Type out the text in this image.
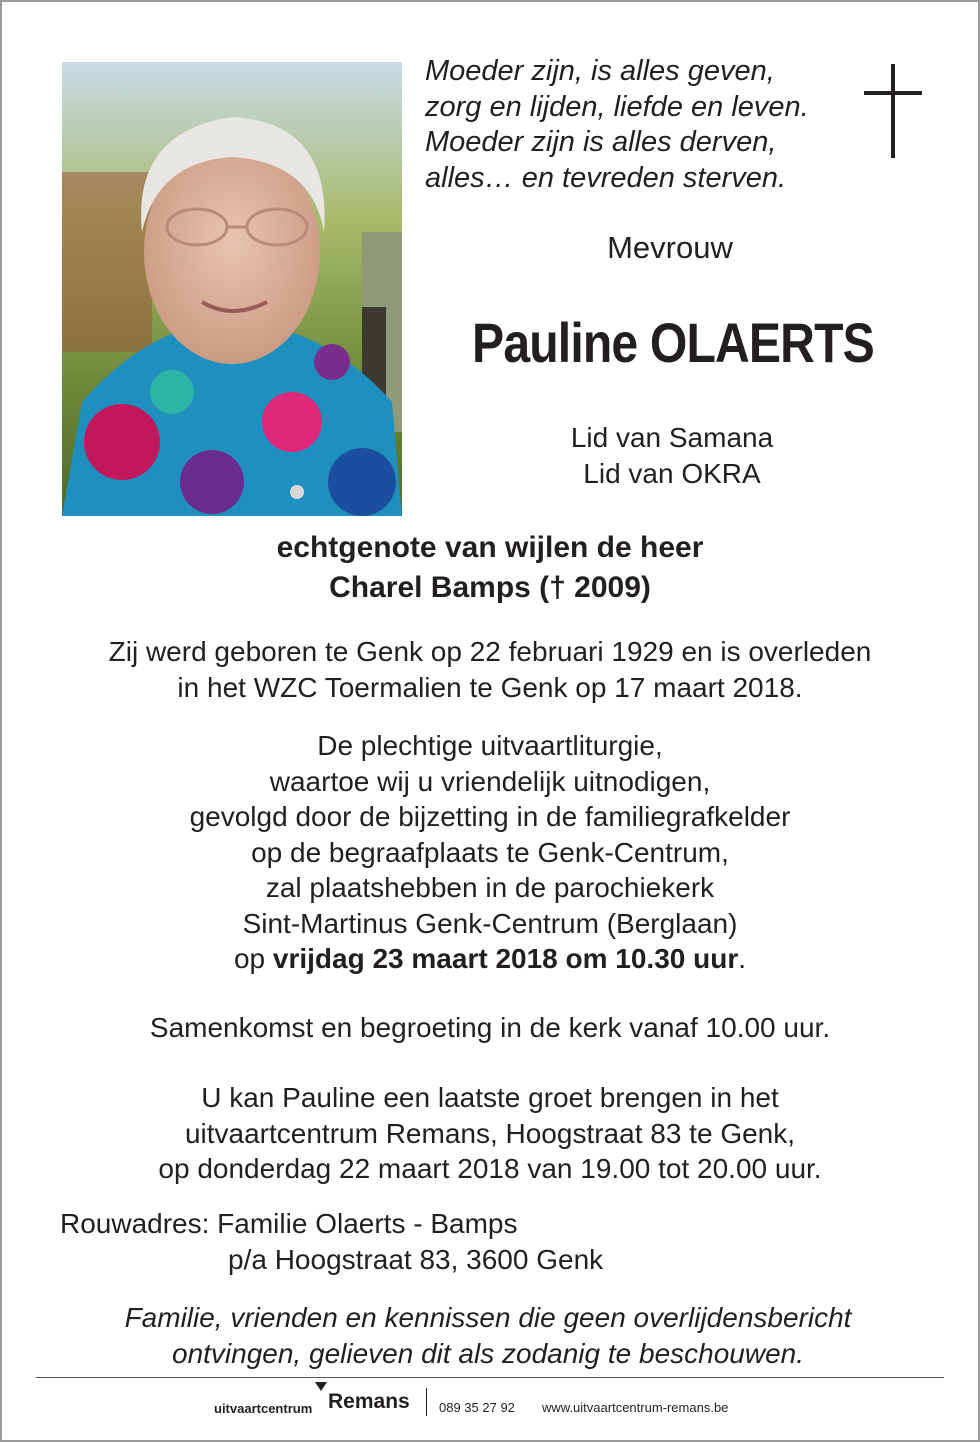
Moeder zijn, is alles geven,
zorg en lijden, liefde en leven.
Moeder zijn is alles derven,
alles… en tevreden sterven.
Mevrouw
Pauline OLAERTS
Lid van Samana
Lid van OKRA
echtgenote van wijlen de heer
Charel Bamps († 2009)
Zij werd geboren te Genk op 22 februari 1929 en is overleden
in het WZC Toermalien te Genk op 17 maart 2018.
De plechtige uitvaartliturgie,
waartoe wij u vriendelijk uitnodigen,
gevolgd door de bijzetting in de familiegrafkelder
op de begraafplaats te Genk-Centrum,
zal plaatshebben in de parochiekerk
Sint-Martinus Genk-Centrum (Berglaan)
op vrijdag 23 maart 2018 om 10.30 uur.
Samenkomst en begroeting in de kerk vanaf 10.00 uur.
U kan Pauline een laatste groet brengen in het
uitvaartcentrum Remans, Hoogstraat 83 te Genk,
op donderdag 22 maart 2018 van 19.00 tot 20.00 uur.
Rouwadres: Familie Olaerts - Bamps
p/a Hoogstraat 83, 3600 Genk
Familie, vrienden en kennissen die geen overlijdensbericht
ontvingen, gelieven dit als zodanig te beschouwen.
uitvaartcentrum Remans 089 35 27 92 www.uitvaartcentrum-remans.be
